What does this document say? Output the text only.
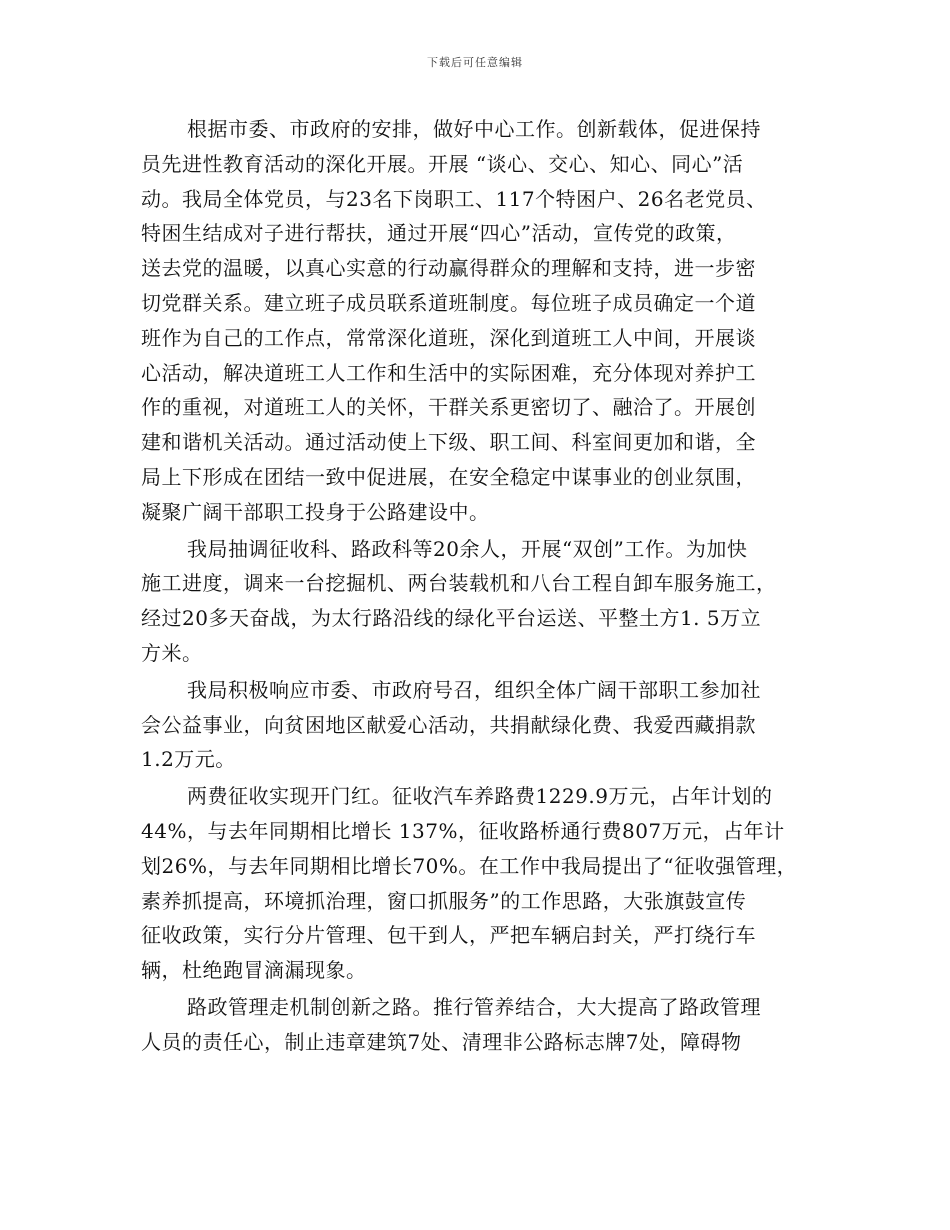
下载后可任意编辑

根据市委、市政府的安排，做好中心工作。创新载体，促进保持
员先进性教育活动的深化开展。开展 “谈心、交心、知心、同心”活
动。我局全体党员，与23名下岗职工、117个特困户、26名老党员、
特困生结成对子进行帮扶，通过开展“四心”活动，宣传党的政策，
送去党的温暖，以真心实意的行动赢得群众的理解和支持，进一步密
切党群关系。建立班子成员联系道班制度。每位班子成员确定一个道
班作为自己的工作点，常常深化道班，深化到道班工人中间，开展谈
心活动，解决道班工人工作和生活中的实际困难，充分体现对养护工
作的重视，对道班工人的关怀，干群关系更密切了、融洽了。开展创
建和谐机关活动。通过活动使上下级、职工间、科室间更加和谐，全
局上下形成在团结一致中促进展，在安全稳定中谋事业的创业氛围，
凝聚广阔干部职工投身于公路建设中。

我局抽调征收科、路政科等20余人，开展“双创”工作。为加快
施工进度，调来一台挖掘机、两台装载机和八台工程自卸车服务施工，
经过20多天奋战，为太行路沿线的绿化平台运送、平整土方1. 5万立
方米。

我局积极响应市委、市政府号召，组织全体广阔干部职工参加社
会公益事业，向贫困地区献爱心活动，共捐献绿化费、我爱西藏捐款
1.2万元。

两费征收实现开门红。征收汽车养路费1229.9万元，占年计划的
44%，与去年同期相比增长 137%，征收路桥通行费807万元，占年计
划26%，与去年同期相比增长70%。在工作中我局提出了“征收强管理，
素养抓提高，环境抓治理，窗口抓服务”的工作思路，大张旗鼓宣传
征收政策，实行分片管理、包干到人，严把车辆启封关，严打绕行车
辆，杜绝跑冒滴漏现象。

路政管理走机制创新之路。推行管养结合，大大提高了路政管理
人员的责任心，制止违章建筑7处、清理非公路标志牌7处，障碍物
